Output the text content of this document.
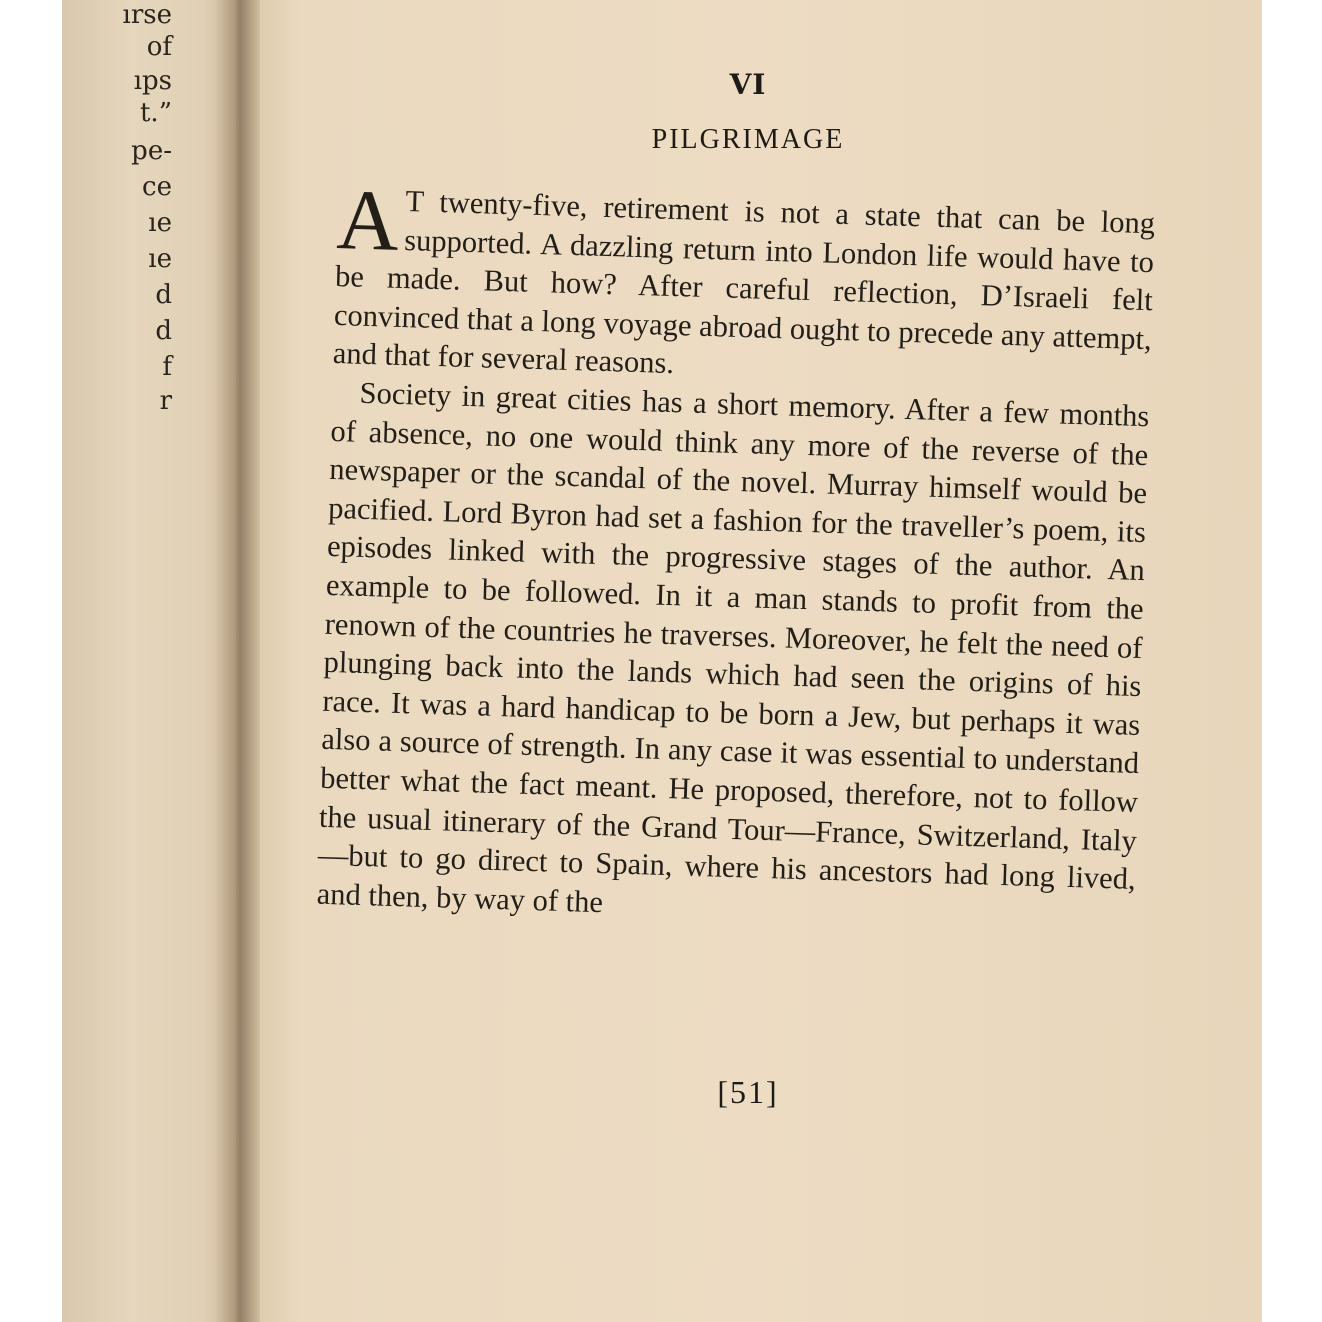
ırse
of
ıps
t.”
pe-
ce
ıe
ıe
d
d
f
r
VI
PILGRIMAGE

A T twenty-five, retirement is not a state that can be long supported. A dazzling return into London life would have to be made. But how? After careful reflection, D’Israeli felt convinced that a long voyage abroad ought to precede any attempt, and that for several reasons.

Society in great cities has a short memory. After a few months of absence, no one would think any more of the reverse of the newspaper or the scandal of the novel. Murray himself would be pacified. Lord Byron had set a fashion for the traveller’s poem, its episodes linked with the progressive stages of the author. An example to be followed. In it a man stands to profit from the renown of the countries he traverses. Moreover, he felt the need of plunging back into the lands which had seen the origins of his race. It was a hard handicap to be born a Jew, but perhaps it was also a source of strength. In any case it was essential to understand better what the fact meant. He proposed, therefore, not to follow the usual itinerary of the Grand Tour—France, Switzerland, Italy—but to go direct to Spain, where his ancestors had long lived, and then, by way of the

[51]
